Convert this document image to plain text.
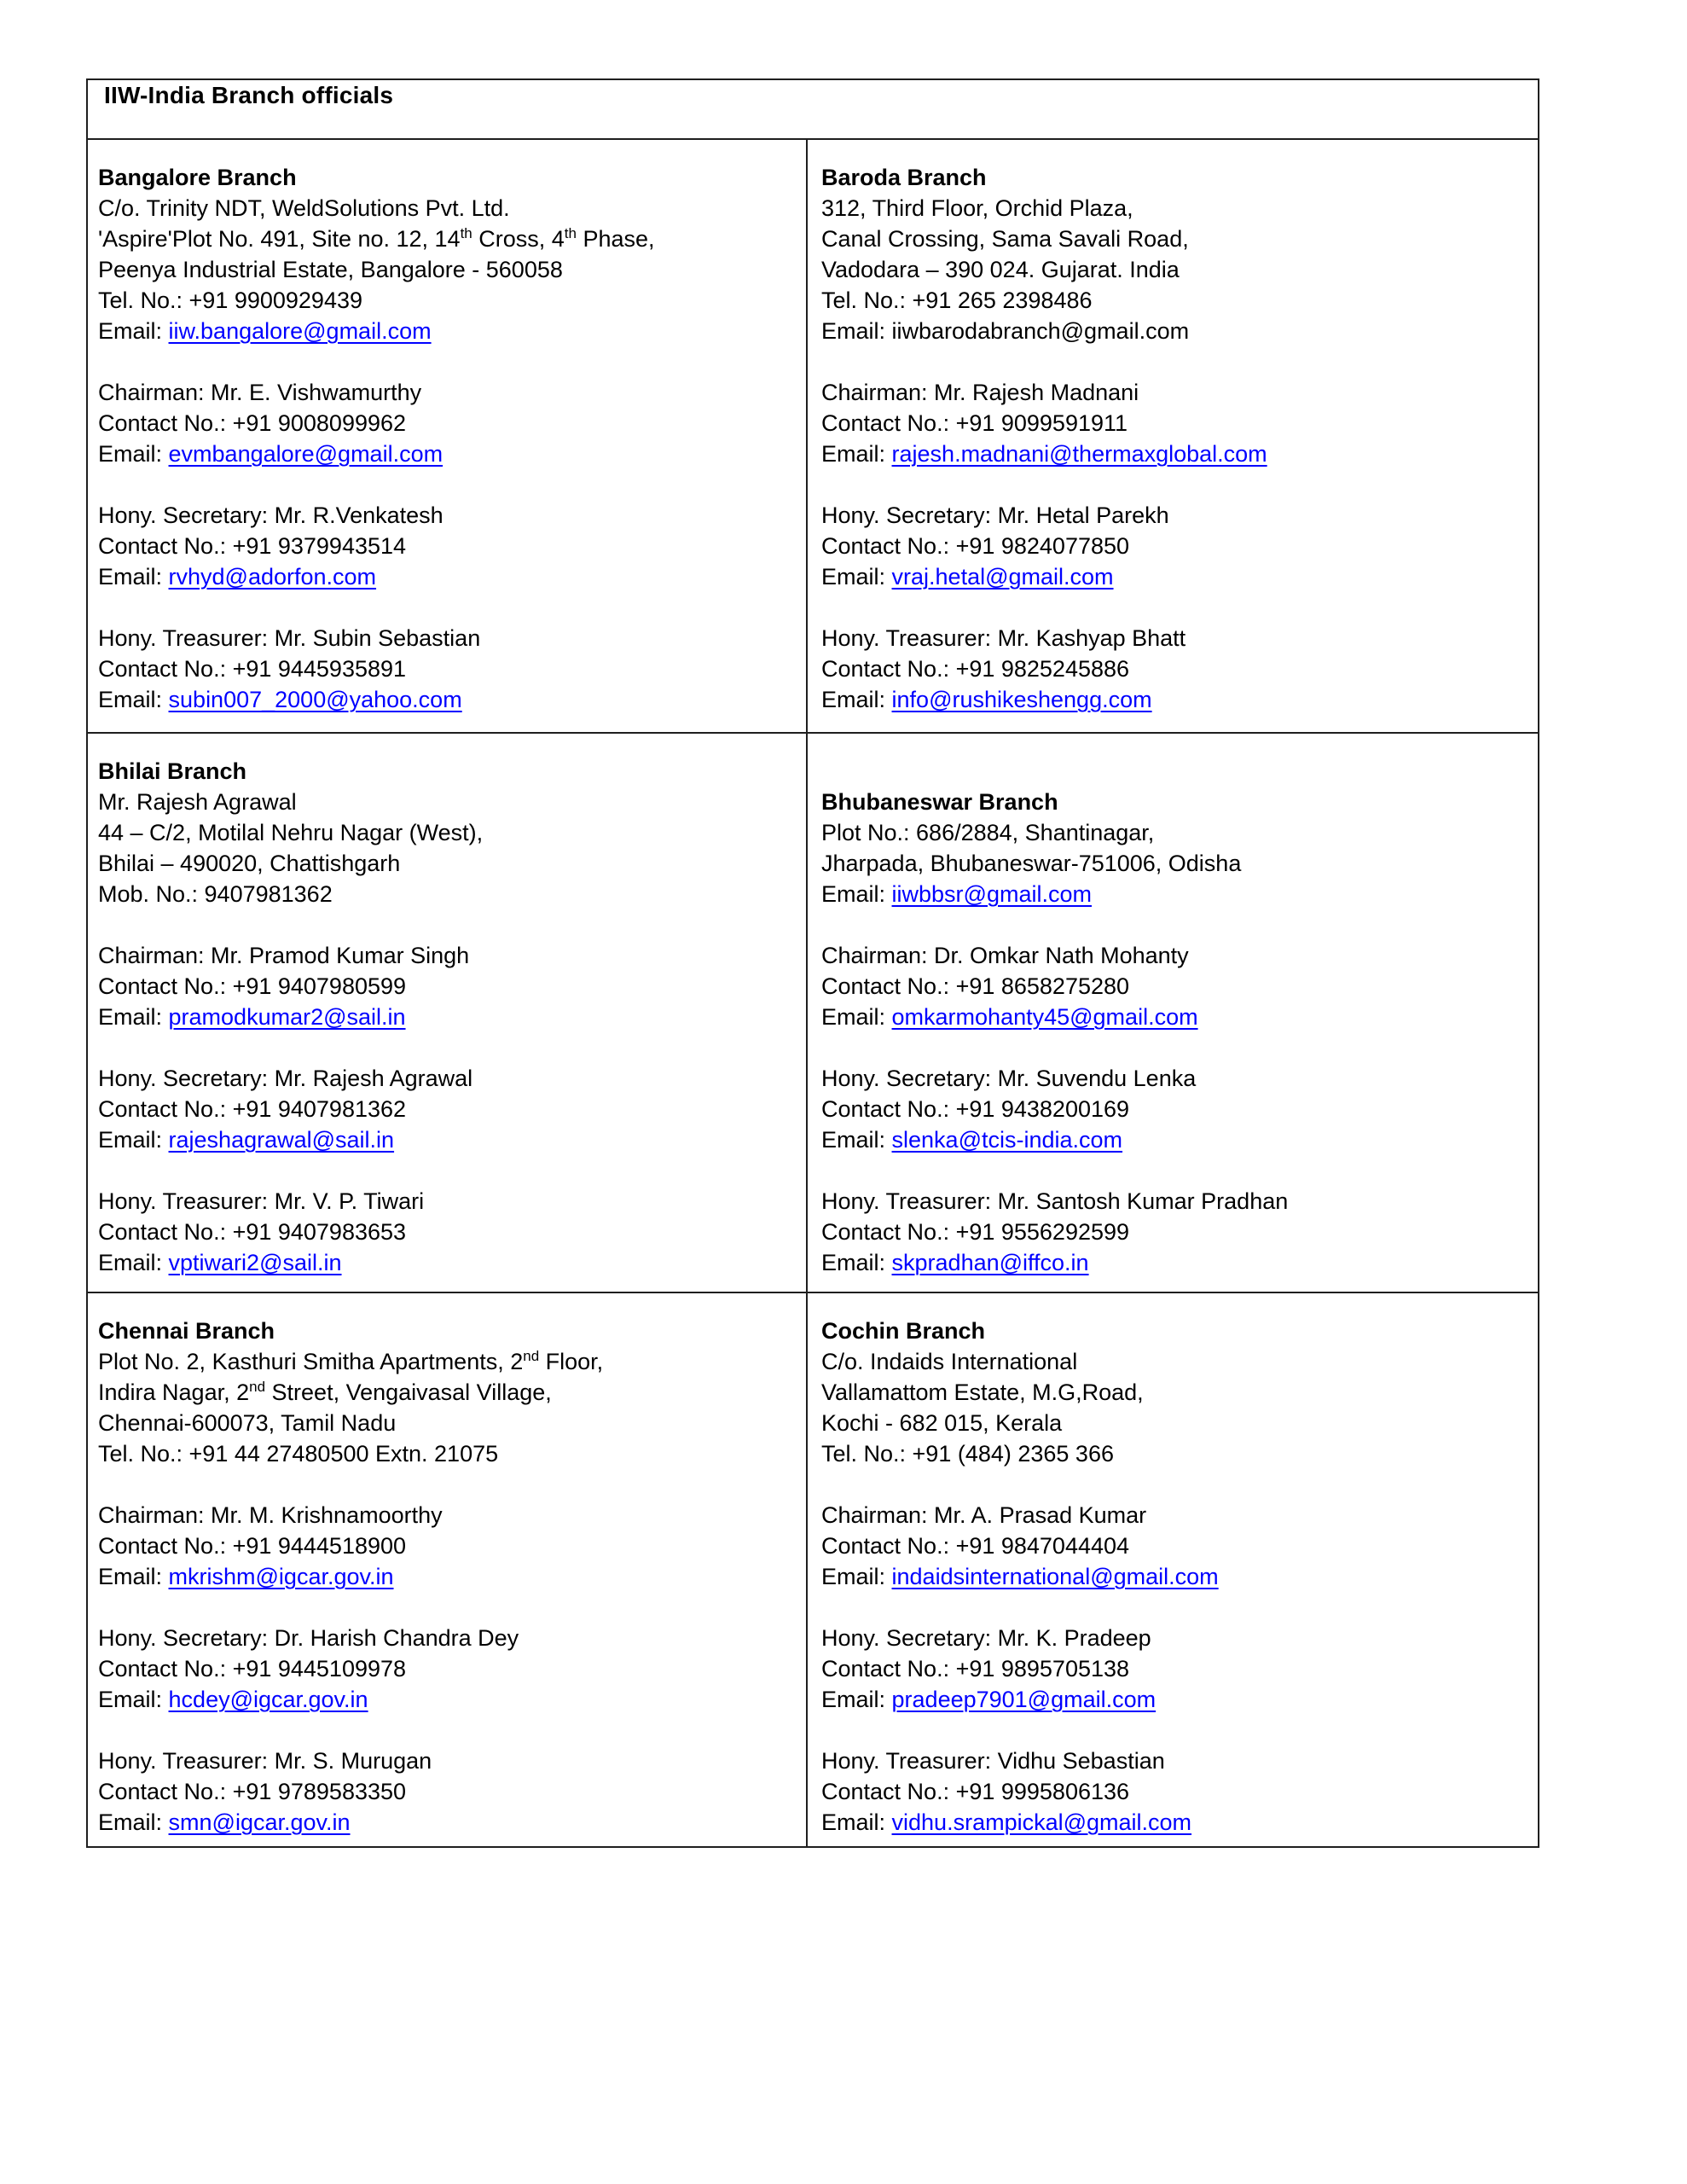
IIW-India Branch officials	

Bangalore Branch
C/o. Trinity NDT, WeldSolutions Pvt. Ltd.
'Aspire'Plot No. 491, Site no. 12, 14th Cross, 4th Phase,
Peenya Industrial Estate, Bangalore - 560058
Tel. No.: +91 9900929439
Email: iiw.bangalore@gmail.com
Chairman: Mr. E. Vishwamurthy
Contact No.: +91 9008099962
Email: evmbangalore@gmail.com
Hony. Secretary: Mr. R.Venkatesh
Contact No.: +91 9379943514
Email: rvhyd@adorfon.com
Hony. Treasurer: Mr. Subin Sebastian
Contact No.: +91 9445935891
Email: subin007_2000@yahoo.com

Baroda Branch
312, Third Floor, Orchid Plaza,
Canal Crossing, Sama Savali Road,
Vadodara – 390 024. Gujarat. India
Tel. No.: +91 265 2398486
Email: iiwbarodabranch@gmail.com
Chairman: Mr. Rajesh Madnani
Contact No.: +91 9099591911
Email: rajesh.madnani@thermaxglobal.com
Hony. Secretary: Mr. Hetal Parekh
Contact No.: +91 9824077850
Email: vraj.hetal@gmail.com
Hony. Treasurer: Mr. Kashyap Bhatt
Contact No.: +91 9825245886
Email: info@rushikeshengg.com

Bhilai Branch
Mr. Rajesh Agrawal
44 – C/2, Motilal Nehru Nagar (West),
Bhilai – 490020, Chattishgarh
Mob. No.: 9407981362
Chairman: Mr. Pramod Kumar Singh
Contact No.: +91 9407980599
Email: pramodkumar2@sail.in
Hony. Secretary: Mr. Rajesh Agrawal
Contact No.: +91 9407981362
Email: rajeshagrawal@sail.in
Hony. Treasurer: Mr. V. P. Tiwari
Contact No.: +91 9407983653
Email: vptiwari2@sail.in

Bhubaneswar Branch
Plot No.: 686/2884, Shantinagar,
Jharpada, Bhubaneswar-751006, Odisha
Email: iiwbbsr@gmail.com
Chairman: Dr. Omkar Nath Mohanty
Contact No.: +91 8658275280
Email: omkarmohanty45@gmail.com
Hony. Secretary: Mr. Suvendu Lenka
Contact No.: +91 9438200169
Email: slenka@tcis-india.com
Hony. Treasurer: Mr. Santosh Kumar Pradhan
Contact No.: +91 9556292599
Email: skpradhan@iffco.in

Chennai Branch
Plot No. 2, Kasthuri Smitha Apartments, 2nd Floor,
Indira Nagar, 2nd Street, Vengaivasal Village,
Chennai-600073, Tamil Nadu
Tel. No.: +91 44 27480500 Extn. 21075
Chairman: Mr. M. Krishnamoorthy
Contact No.: +91 9444518900
Email: mkrishm@igcar.gov.in
Hony. Secretary: Dr. Harish Chandra Dey
Contact No.: +91 9445109978
Email: hcdey@igcar.gov.in
Hony. Treasurer: Mr. S. Murugan
Contact No.: +91 9789583350
Email: smn@igcar.gov.in

Cochin Branch
C/o. Indaids International
Vallamattom Estate, M.G,Road,
Kochi - 682 015, Kerala
Tel. No.: +91 (484) 2365 366
Chairman: Mr. A. Prasad Kumar
Contact No.: +91 9847044404
Email: indaidsinternational@gmail.com
Hony. Secretary: Mr. K. Pradeep
Contact No.: +91 9895705138
Email: pradeep7901@gmail.com
Hony. Treasurer: Vidhu Sebastian
Contact No.: +91 9995806136
Email: vidhu.srampickal@gmail.com
